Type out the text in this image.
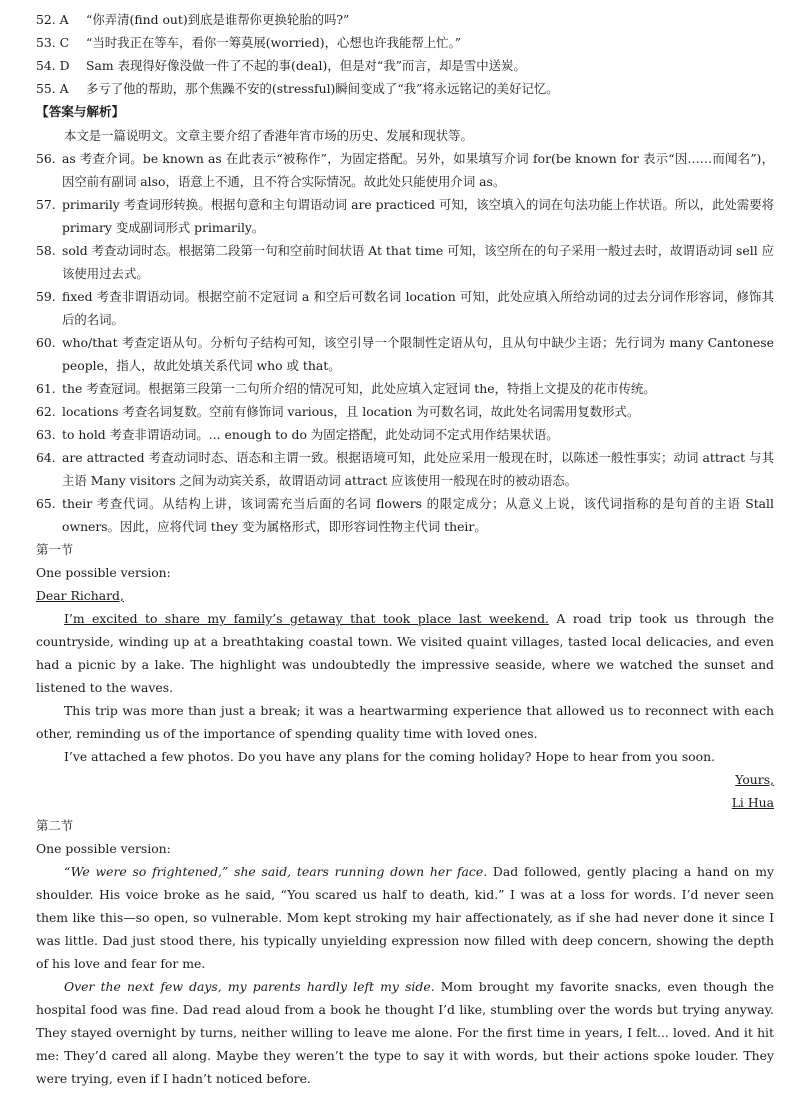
52. A	“你弄清(find out)到底是谁帮你更换轮胎的吗?”
53. C	“当时我正在等车，看你一筹莫展(worried)，心想也许我能帮上忙。”
54. D	Sam 表现得好像没做一件了不起的事(deal)，但是对“我”而言，却是雪中送炭。
55. A	多亏了他的帮助，那个焦躁不安的(stressful)瞬间变成了“我”将永远铭记的美好记忆。
【答案与解析】
本文是一篇说明文。文章主要介绍了香港年宵市场的历史、发展和现状等。
56. as 考查介词。be known as 在此表示“被称作”，为固定搭配。另外，如果填写介词 for(be known for 表示“因……而闻名”)，因空前有副词 also，语意上不通，且不符合实际情况。故此处只能使用介词 as。
57. primarily 考查词形转换。根据句意和主句谓语动词 are practiced 可知，该空填入的词在句法功能上作状语。所以，此处需要将 primary 变成副词形式 primarily。
58. sold 考查动词时态。根据第二段第一句和空前时间状语 At that time 可知，该空所在的句子采用一般过去时，故谓语动词 sell 应该使用过去式。
59. fixed 考查非谓语动词。根据空前不定冠词 a 和空后可数名词 location 可知，此处应填入所给动词的过去分词作形容词，修饰其后的名词。
60. who/that 考查定语从句。分析句子结构可知，该空引导一个限制性定语从句，且从句中缺少主语；先行词为 many Cantonese people，指人，故此处填关系代词 who 或 that。
61. the 考查冠词。根据第三段第一二句所介绍的情况可知，此处应填入定冠词 the，特指上文提及的花市传统。
62. locations 考查名词复数。空前有修饰词 various，且 location 为可数名词，故此处名词需用复数形式。
63. to hold 考查非谓语动词。... enough to do 为固定搭配，此处动词不定式用作结果状语。
64. are attracted 考查动词时态、语态和主谓一致。根据语境可知，此处应采用一般现在时，以陈述一般性事实；动词 attract 与其主语 Many visitors 之间为动宾关系，故谓语动词 attract 应该使用一般现在时的被动语态。
65. their 考查代词。从结构上讲，该词需充当后面的名词 flowers 的限定成分；从意义上说，该代词指称的是句首的主语 Stall owners。因此，应将代词 they 变为属格形式，即形容词性物主代词 their。
第一节
One possible version:
Dear Richard,
I’m excited to share my family’s getaway that took place last weekend. A road trip took us through the countryside, winding up at a breathtaking coastal town. We visited quaint villages, tasted local delicacies, and even had a picnic by a lake. The highlight was undoubtedly the impressive seaside, where we watched the sunset and listened to the waves.
This trip was more than just a break; it was a heartwarming experience that allowed us to reconnect with each other, reminding us of the importance of spending quality time with loved ones.
I’ve attached a few photos. Do you have any plans for the coming holiday? Hope to hear from you soon.
Yours,
Li Hua
第二节
One possible version:
“We were so frightened,” she said, tears running down her face. Dad followed, gently placing a hand on my shoulder. His voice broke as he said, “You scared us half to death, kid.” I was at a loss for words. I’d never seen them like this—so open, so vulnerable. Mom kept stroking my hair affectionately, as if she had never done it since I was little. Dad just stood there, his typically unyielding expression now filled with deep concern, showing the depth of his love and fear for me.
Over the next few days, my parents hardly left my side. Mom brought my favorite snacks, even though the hospital food was fine. Dad read aloud from a book he thought I’d like, stumbling over the words but trying anyway. They stayed overnight by turns, neither willing to leave me alone. For the first time in years, I felt... loved. And it hit me: They’d cared all along. Maybe they weren’t the type to say it with words, but their actions spoke louder. They were trying, even if I hadn’t noticed before.
